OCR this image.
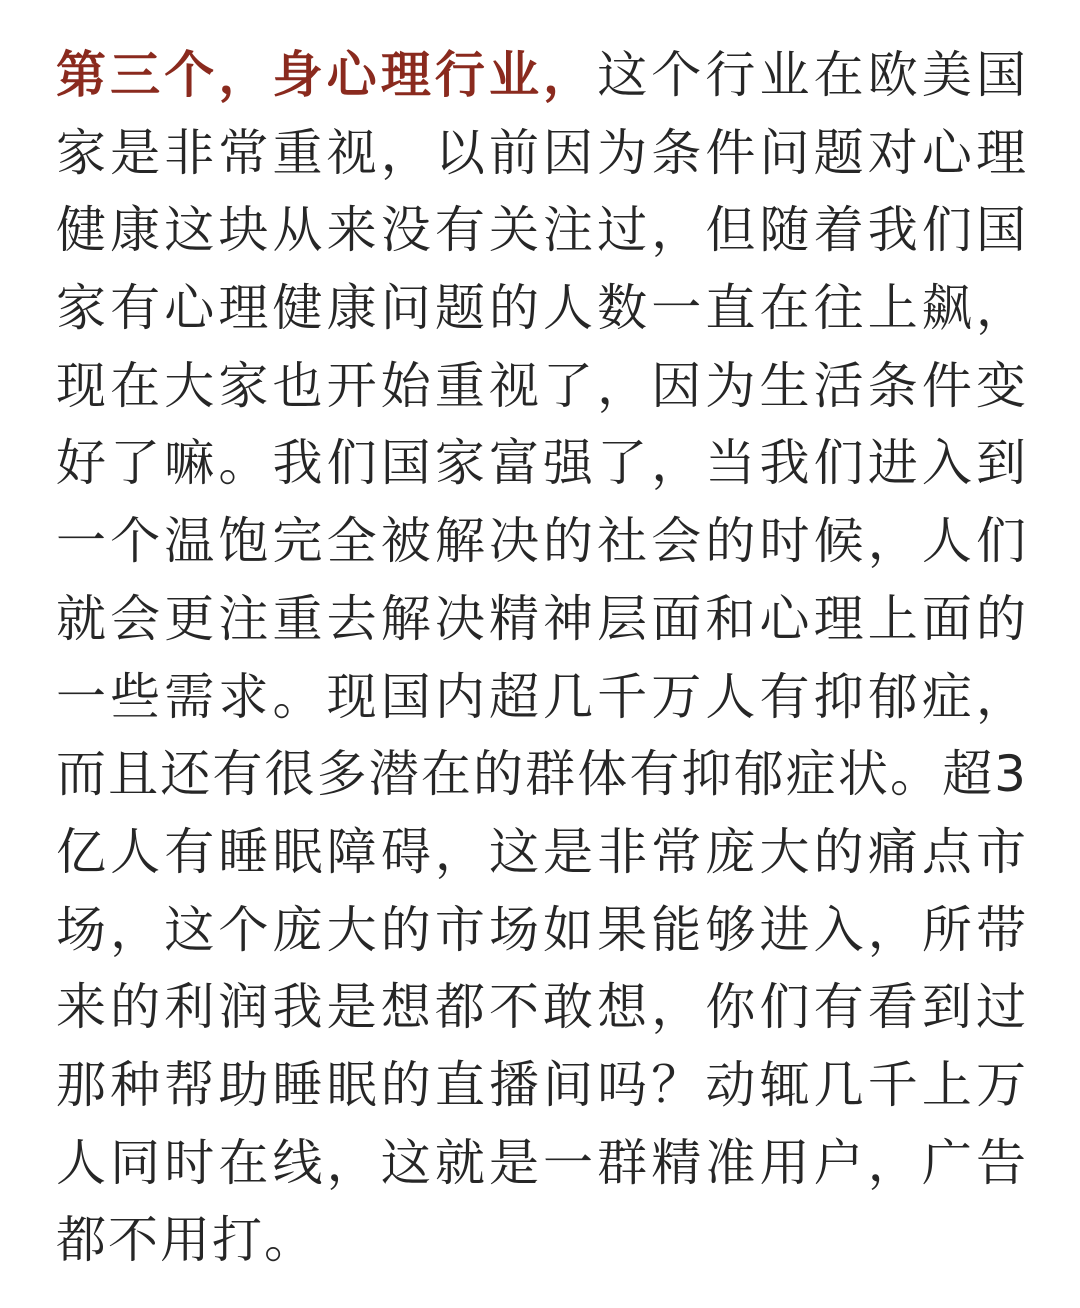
第三个，身心理行业，这个行业在欧美国
家是非常重视，以前因为条件问题对心理
健康这块从来没有关注过，但随着我们国
家有心理健康问题的人数一直在往上飙，
现在大家也开始重视了，因为生活条件变
好了嘛。我们国家富强了，当我们进入到
一个温饱完全被解决的社会的时候，人们
就会更注重去解决精神层面和心理上面的
一些需求。现国内超几千万人有抑郁症，
而且还有很多潜在的群体有抑郁症状。超3
亿人有睡眠障碍，这是非常庞大的痛点市
场，这个庞大的市场如果能够进入，所带
来的利润我是想都不敢想，你们有看到过
那种帮助睡眠的直播间吗？动辄几千上万
人同时在线，这就是一群精准用户，广告
都不用打。
